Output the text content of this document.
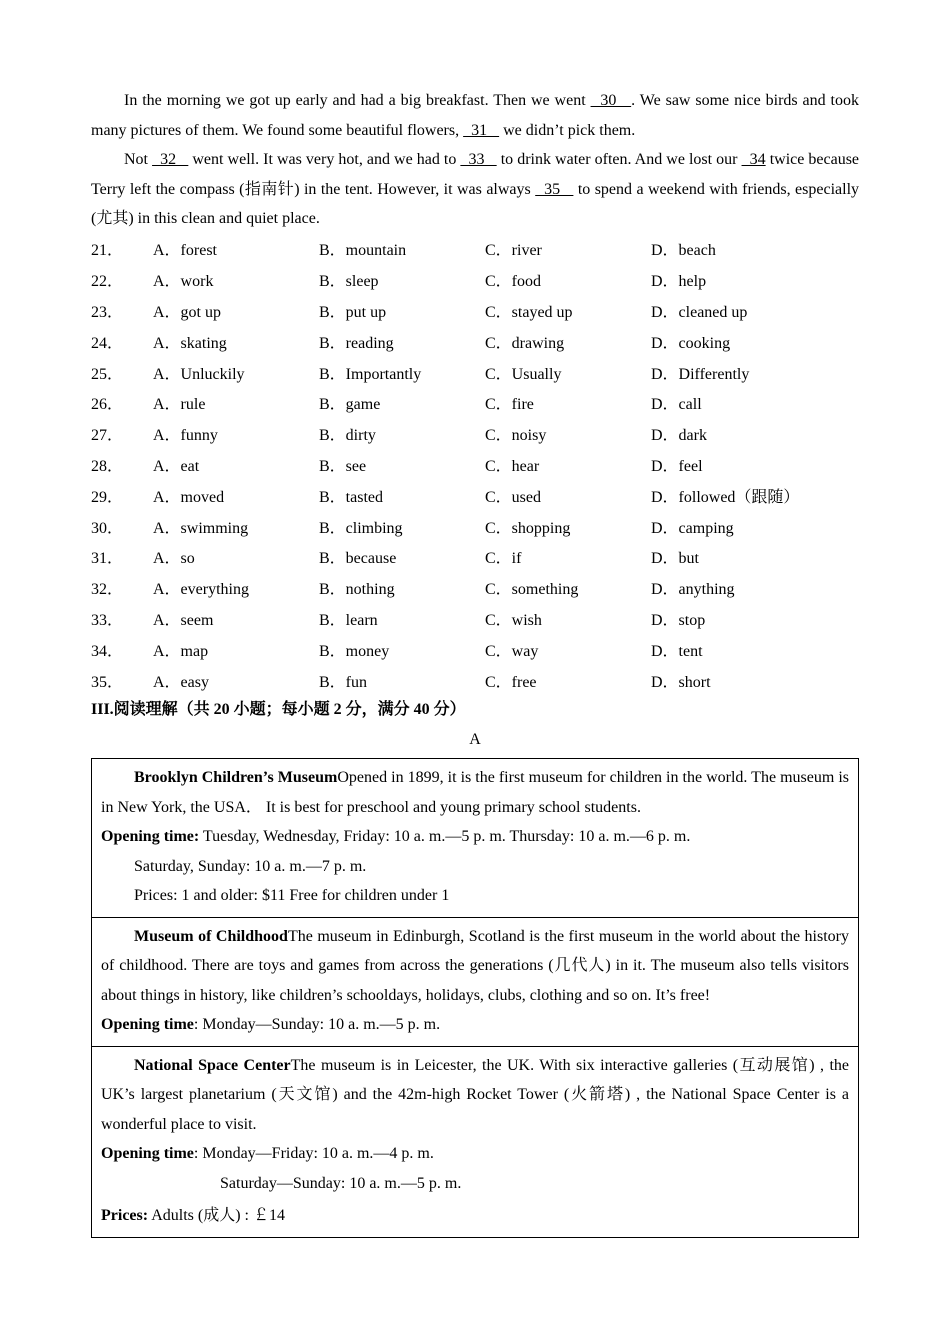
In the morning we got up early and had a big breakfast. Then we went   30   . We saw some nice birds and took many pictures of them. We found some beautiful flowers,   31    we didn’t pick them.

Not   32    went well. It was very hot, and we had to   33    to drink water often. And we lost our   34 twice because Terry left the compass (指南针) in the tent. However, it was always   35    to spend a weekend with friends, especially (尤其) in this clean and quiet place.

21．	A．forest	B．mountain	C．river	D．beach
22．	A．work	B．sleep	C．food	D．help
23．	A．got up	B．put up	C．stayed up	D．cleaned up
24．	A．skating	B．reading	C．drawing	D．cooking
25．	A．Unluckily	B．Importantly	C．Usually	D．Differently
26．	A．rule	B．game	C．fire	D．call
27．	A．funny	B．dirty	C．noisy	D．dark
28．	A．eat	B．see	C．hear	D．feel
29．	A．moved	B．tasted	C．used	D．followed（跟随）
30．	A．swimming	B．climbing	C．shopping	D．camping
31．	A．so	B．because	C．if	D．but
32．	A．everything	B．nothing	C．something	D．anything
33．	A．seem	B．learn	C．wish	D．stop
34．	A．map	B．money	C．way	D．tent
35．	A．easy	B．fun	C．free	D．short
III.阅读理解（共 20 小题；每小题 2 分，满分 40 分）
A
Brooklyn Children’s MuseumOpened in 1899, it is the first museum for children in the world. The museum is in New York, the USA． It is best for preschool and young primary school students.
Opening time: Tuesday, Wednesday, Friday: 10 a. m.—5 p. m. Thursday: 10 a. m.—6 p. m.
Saturday, Sunday: 10 a. m.—7 p. m.
Prices: 1 and older: $11 Free for children under 1
Museum of ChildhoodThe museum in Edinburgh, Scotland is the first museum in the world about the history of childhood. There are toys and games from across the generations (几代人) in it. The museum also tells visitors about things in history, like children’s schooldays, holidays, clubs, clothing and so on. It’s free!
Opening time: Monday—Sunday: 10 a. m.—5 p. m.
National Space CenterThe museum is in Leicester, the UK. With six interactive galleries (互动展馆) , the UK’s largest planetarium (天文馆) and the 42m-high Rocket Tower (火箭塔) , the National Space Center is a wonderful place to visit.
Opening time: Monday—Friday: 10 a. m.—4 p. m.
Saturday—Sunday: 10 a. m.—5 p. m.
Prices: Adults (成人) : ￡14
